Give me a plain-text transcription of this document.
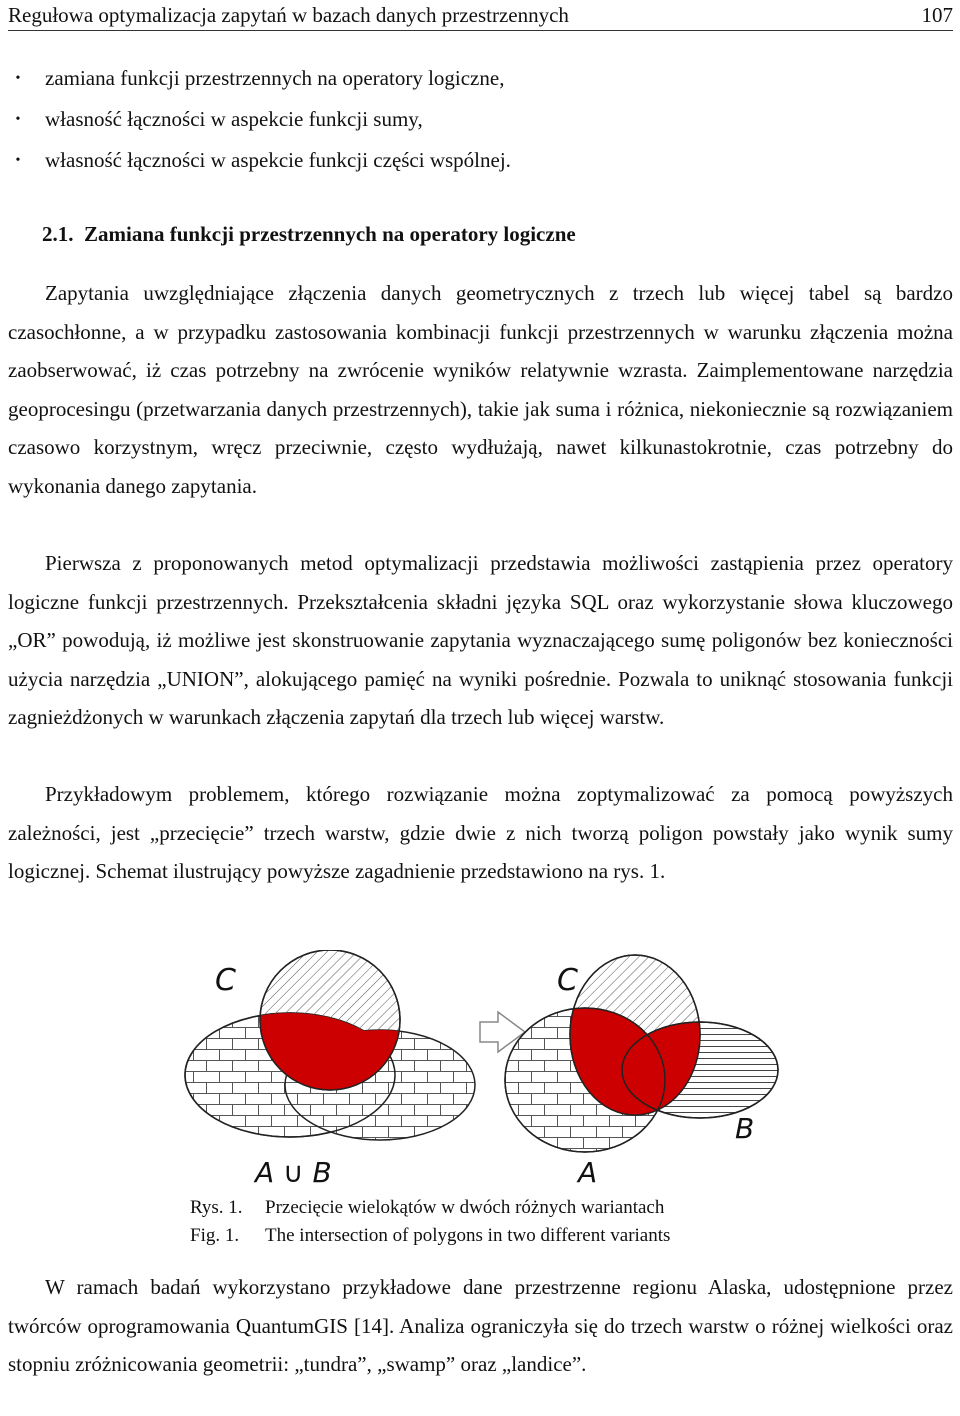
Regułowa optymalizacja zapytań w bazach danych przestrzennych	107
•	zamiana funkcji przestrzennych na operatory logiczne,
•	własność łączności w aspekcie funkcji sumy,
•	własność łączności w aspekcie funkcji części wspólnej.
2.1. Zamiana funkcji przestrzennych na operatory logiczne

Zapytania uwzględniające złączenia danych geometrycznych z trzech lub więcej tabel są bardzo czasochłonne, a w przypadku zastosowania kombinacji funkcji przestrzennych w warunku złączenia można zaobserwować, iż czas potrzebny na zwrócenie wyników relatywnie wzrasta. Zaimplementowane narzędzia geoprocesingu (przetwarzania danych przestrzennych), takie jak suma i różnica, niekoniecznie są rozwiązaniem czasowo korzystnym, wręcz przeciwnie, często wydłużają, nawet kilkunastokrotnie, czas potrzebny do wykonania danego zapytania.

Pierwsza z proponowanych metod optymalizacji przedstawia możliwości zastąpienia przez operatory logiczne funkcji przestrzennych. Przekształcenia składni języka SQL oraz wykorzystanie słowa kluczowego „OR” powodują, iż możliwe jest skonstruowanie zapytania wyznaczającego sumę poligonów bez konieczności użycia narzędzia „UNION”, alokującego pamięć na wyniki pośrednie. Pozwala to uniknąć stosowania funkcji zagnieżdżonych w warunkach złączenia zapytań dla trzech lub więcej warstw.

Przykładowym problemem, którego rozwiązanie można zoptymalizować za pomocą powyższych zależności, jest „przecięcie” trzech warstw, gdzie dwie z nich tworzą poligon powstały jako wynik sumy logicznej. Schemat ilustrujący powyższe zagadnienie przedstawiono na rys. 1.

C
A ∪ B
C
B
A
Rys. 1. Przecięcie wielokątów w dwóch różnych wariantach
Fig. 1. The intersection of polygons in two different variants

W ramach badań wykorzystano przykładowe dane przestrzenne regionu Alaska, udostępnione przez twórców oprogramowania QuantumGIS [14]. Analiza ograniczyła się do trzech warstw o różnej wielkości oraz stopniu zróżnicowania geometrii: „tundra”, „swamp” oraz „landice”.
